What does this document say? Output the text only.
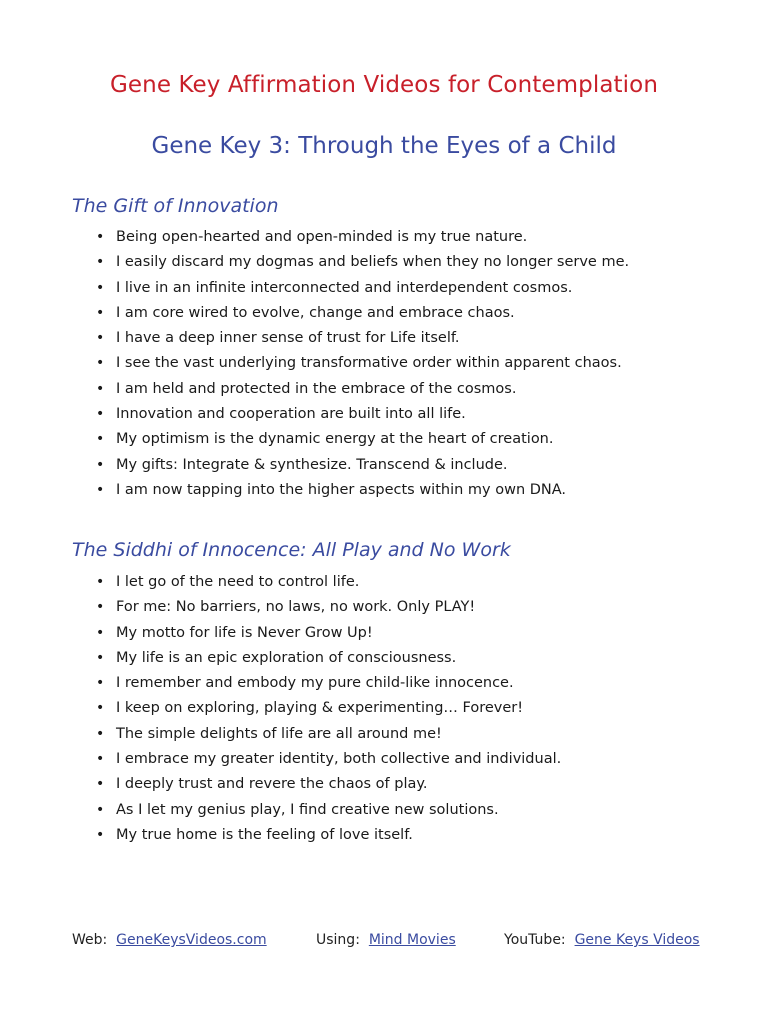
Gene Key Affirmation Videos for Contemplation
Gene Key 3: Through the Eyes of a Child
The Gift of Innovation
• Being open-hearted and open-minded is my true nature.
• I easily discard my dogmas and beliefs when they no longer serve me.
• I live in an infinite interconnected and interdependent cosmos.
• I am core wired to evolve, change and embrace chaos.
• I have a deep inner sense of trust for Life itself.
• I see the vast underlying transformative order within apparent chaos.
• I am held and protected in the embrace of the cosmos.
• Innovation and cooperation are built into all life.
• My optimism is the dynamic energy at the heart of creation.
• My gifts: Integrate & synthesize. Transcend & include.
• I am now tapping into the higher aspects within my own DNA.
The Siddhi of Innocence: All Play and No Work
• I let go of the need to control life.
• For me: No barriers, no laws, no work. Only PLAY!
• My motto for life is Never Grow Up!
• My life is an epic exploration of consciousness.
• I remember and embody my pure child-like innocence.
• I keep on exploring, playing & experimenting… Forever!
• The simple delights of life are all around me!
• I embrace my greater identity, both collective and individual.
• I deeply trust and revere the chaos of play.
• As I let my genius play, I find creative new solutions.
• My true home is the feeling of love itself.
Web: GeneKeysVideos.com	Using: Mind Movies	YouTube: Gene Keys Videos
